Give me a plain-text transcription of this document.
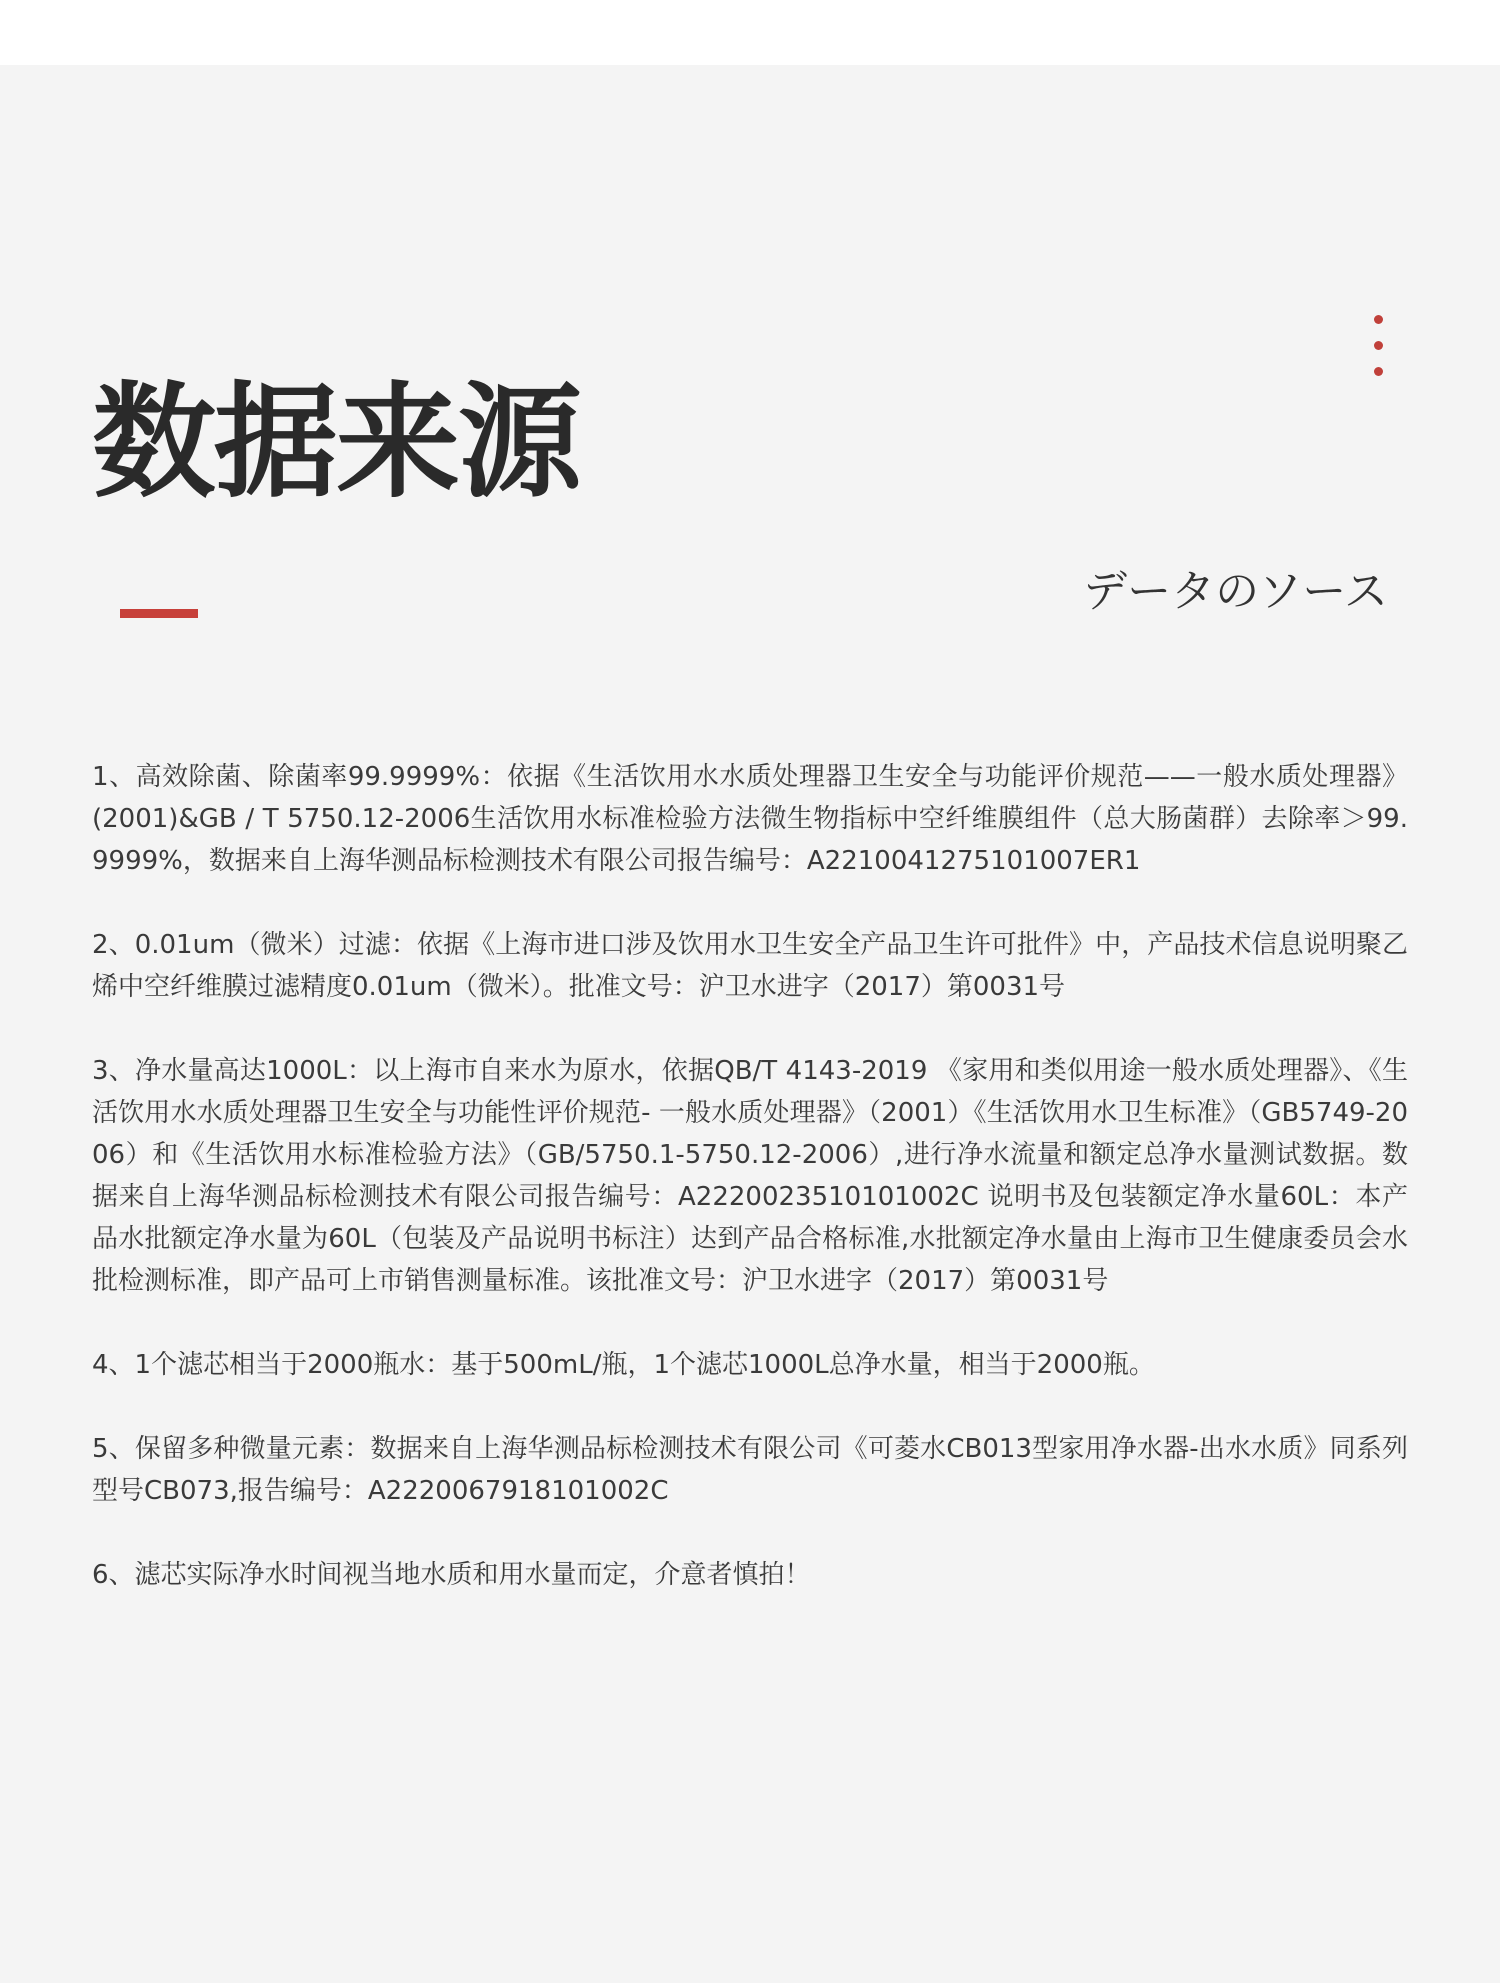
数据来源
データのソース

1、高效除菌、除菌率99.9999%：依据《生活饮用水水质处理器卫生安全与功能评价规范——一般水质处理器》(2001)&GB / T 5750.12-2006生活饮用水标准检验方法微生物指标中空纤维膜组件（总大肠菌群）去除率＞99.9999%，数据来自上海华测品标检测技术有限公司报告编号：A2210041275101007ER1

2、0.01um（微米）过滤：依据《上海市进口涉及饮用水卫生安全产品卫生许可批件》中，产品技术信息说明聚乙烯中空纤维膜过滤精度0.01um（微米）。批准文号：沪卫水进字（2017）第0031号

3、净水量高达1000L：以上海市自来水为原水，依据QB/T 4143-2019 《家用和类似用途一般水质处理器》、《生活饮用水水质处理器卫生安全与功能性评价规范- 一般水质处理器》（2001）《生活饮用水卫生标准》（GB5749-2006）和《生活饮用水标准检验方法》（GB/5750.1-5750.12-2006）,进行净水流量和额定总净水量测试数据。数据来自上海华测品标检测技术有限公司报告编号：A2220023510101002C 说明书及包装额定净水量60L：本产品水批额定净水量为60L（包装及产品说明书标注）达到产品合格标准,水批额定净水量由上海市卫生健康委员会水批检测标准，即产品可上市销售测量标准。该批准文号：沪卫水进字（2017）第0031号

4、1个滤芯相当于2000瓶水：基于500mL/瓶，1个滤芯1000L总净水量，相当于2000瓶。

5、保留多种微量元素：数据来自上海华测品标检测技术有限公司《可菱水CB013型家用净水器-出水水质》同系列型号CB073,报告编号：A2220067918101002C

6、滤芯实际净水时间视当地水质和用水量而定，介意者慎拍！
